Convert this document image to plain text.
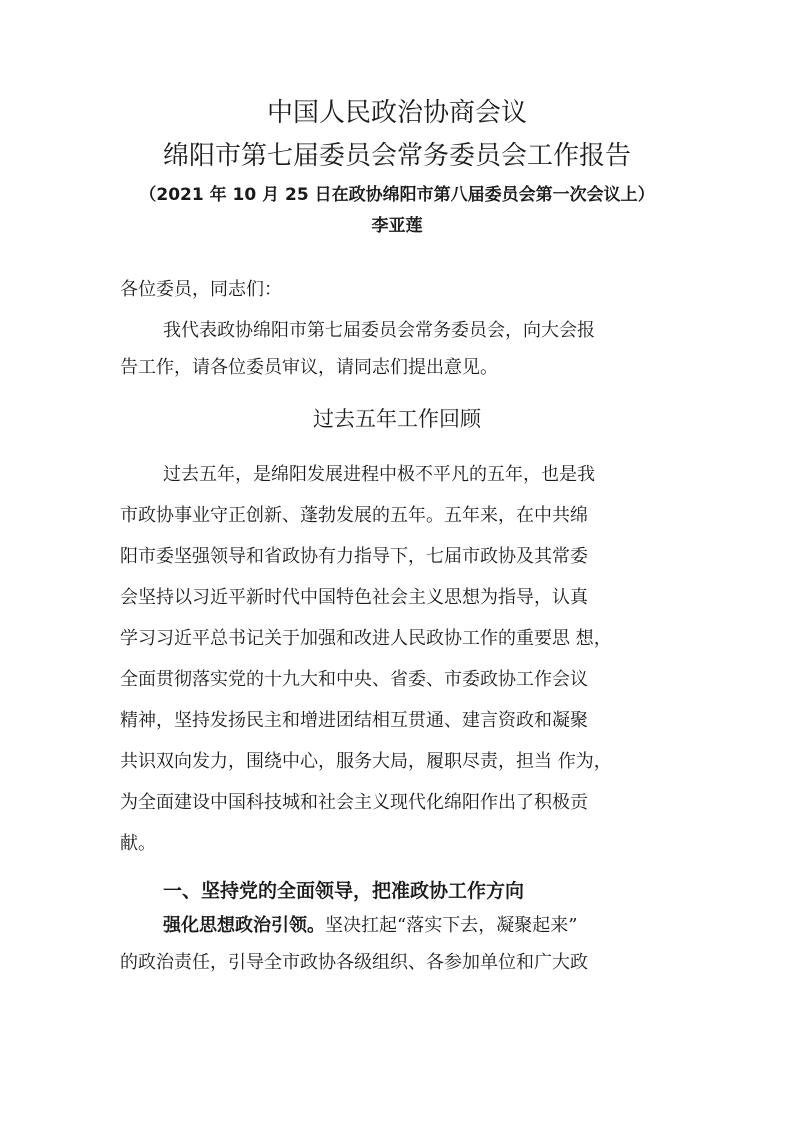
中国人民政治协商会议
绵阳市第七届委员会常务委员会工作报告
（2021 年 10 月 25 日在政协绵阳市第八届委员会第一次会议上）
李亚莲
各位委员，同志们：
我代表政协绵阳市第七届委员会常务委员会，向大会报
告工作，请各位委员审议，请同志们提出意见。
过去五年工作回顾
过去五年，是绵阳发展进程中极不平凡的五年，也是我
市政协事业守正创新、蓬勃发展的五年。五年来，在中共绵
阳市委坚强领导和省政协有力指导下，七届市政协及其常委
会坚持以习近平新时代中国特色社会主义思想为指导，认真
学习习近平总书记关于加强和改进人民政协工作的重要思 想，
全面贯彻落实党的十九大和中央、省委、市委政协工作会议
精神，坚持发扬民主和增进团结相互贯通、建言资政和凝聚
共识双向发力，围绕中心，服务大局，履职尽责，担当 作为，
为全面建设中国科技城和社会主义现代化绵阳作出了积极贡
献。
一、坚持党的全面领导，把准政协工作方向
强化思想政治引领。坚决扛起“落实下去，凝聚起来”
的政治责任，引导全市政协各级组织、各参加单位和广大政
